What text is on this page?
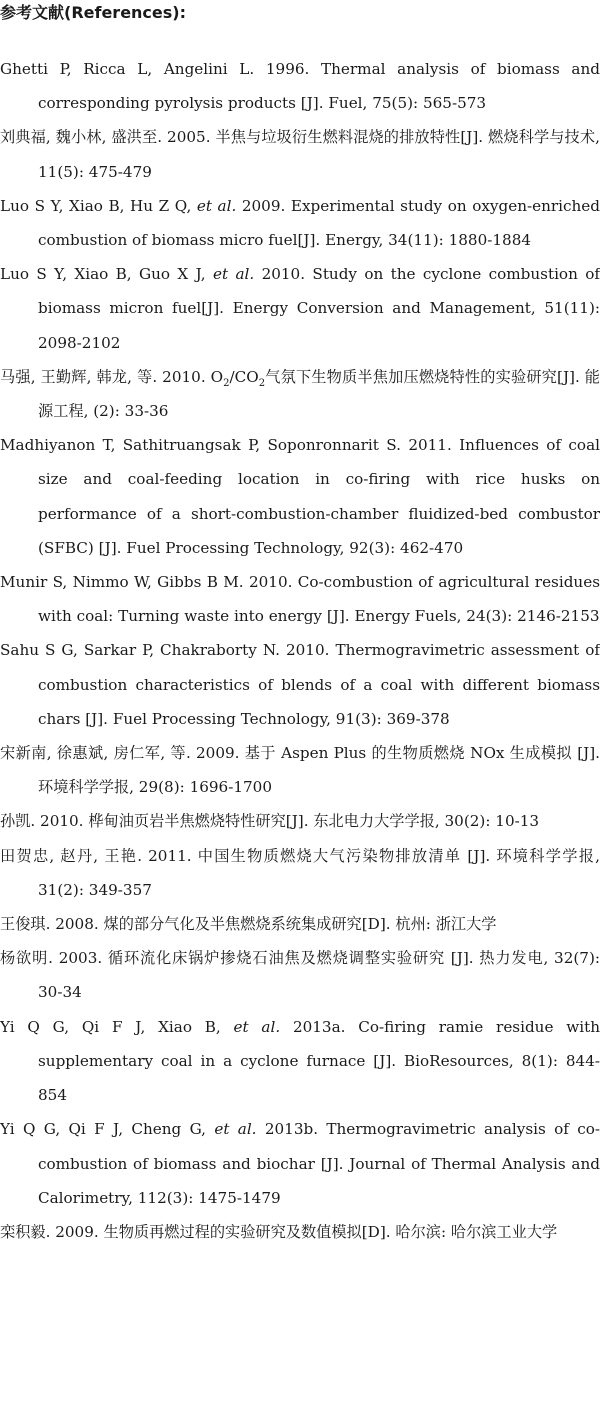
参考文献(References):
Ghetti P, Ricca L, Angelini L. 1996. Thermal analysis of biomass and corresponding pyrolysis products [J]. Fuel, 75(5): 565-573
刘典福, 魏小林, 盛洪至. 2005. 半焦与垃圾衍生燃料混烧的排放特性[J]. 燃烧科学与技术, 11(5): 475-479
Luo S Y, Xiao B, Hu Z Q, et al. 2009. Experimental study on oxygen-enriched combustion of biomass micro fuel[J]. Energy, 34(11): 1880-1884
Luo S Y, Xiao B, Guo X J, et al. 2010. Study on the cyclone combustion of biomass micron fuel[J]. Energy Conversion and Management, 51(11): 2098-2102
马强, 王勤辉, 韩龙, 等. 2010. $O_2/CO_2$气氛下生物质半焦加压燃烧特性的实验研究[J]. 能源工程, (2): 33-36
Madhiyanon T, Sathitruangsak P, Soponronnarit S. 2011. Influences of coal size and coal-feeding location in co-firing with rice husks on performance of a short-combustion-chamber fluidized-bed combustor (SFBC) [J]. Fuel Processing Technology, 92(3): 462-470
Munir S, Nimmo W, Gibbs B M. 2010. Co-combustion of agricultural residues with coal: Turning waste into energy [J]. Energy Fuels, 24(3): 2146-2153
Sahu S G, Sarkar P, Chakraborty N. 2010. Thermogravimetric assessment of combustion characteristics of blends of a coal with different biomass chars [J]. Fuel Processing Technology, 91(3): 369-378
宋新南, 徐惠斌, 房仁军, 等. 2009. 基于 Aspen Plus 的生物质燃烧 NOx 生成模拟 [J]. 环境科学学报, 29(8): 1696-1700
孙凯. 2010. 桦甸油页岩半焦燃烧特性研究[J]. 东北电力大学学报, 30(2): 10-13
田贺忠, 赵丹, 王艳. 2011. 中国生物质燃烧大气污染物排放清单 [J]. 环境科学学报, 31(2): 349-357
王俊琪. 2008. 煤的部分气化及半焦燃烧系统集成研究[D]. 杭州: 浙江大学
杨欲明. 2003. 循环流化床锅炉掺烧石油焦及燃烧调整实验研究 [J]. 热力发电, 32(7): 30-34
Yi Q G, Qi F J, Xiao B, et al. 2013a. Co-firing ramie residue with supplementary coal in a cyclone furnace [J]. BioResources, 8(1): 844-854
Yi Q G, Qi F J, Cheng G, et al. 2013b. Thermogravimetric analysis of co-combustion of biomass and biochar [J]. Journal of Thermal Analysis and Calorimetry, 112(3): 1475-1479
栾积毅. 2009. 生物质再燃过程的实验研究及数值模拟[D]. 哈尔滨: 哈尔滨工业大学
